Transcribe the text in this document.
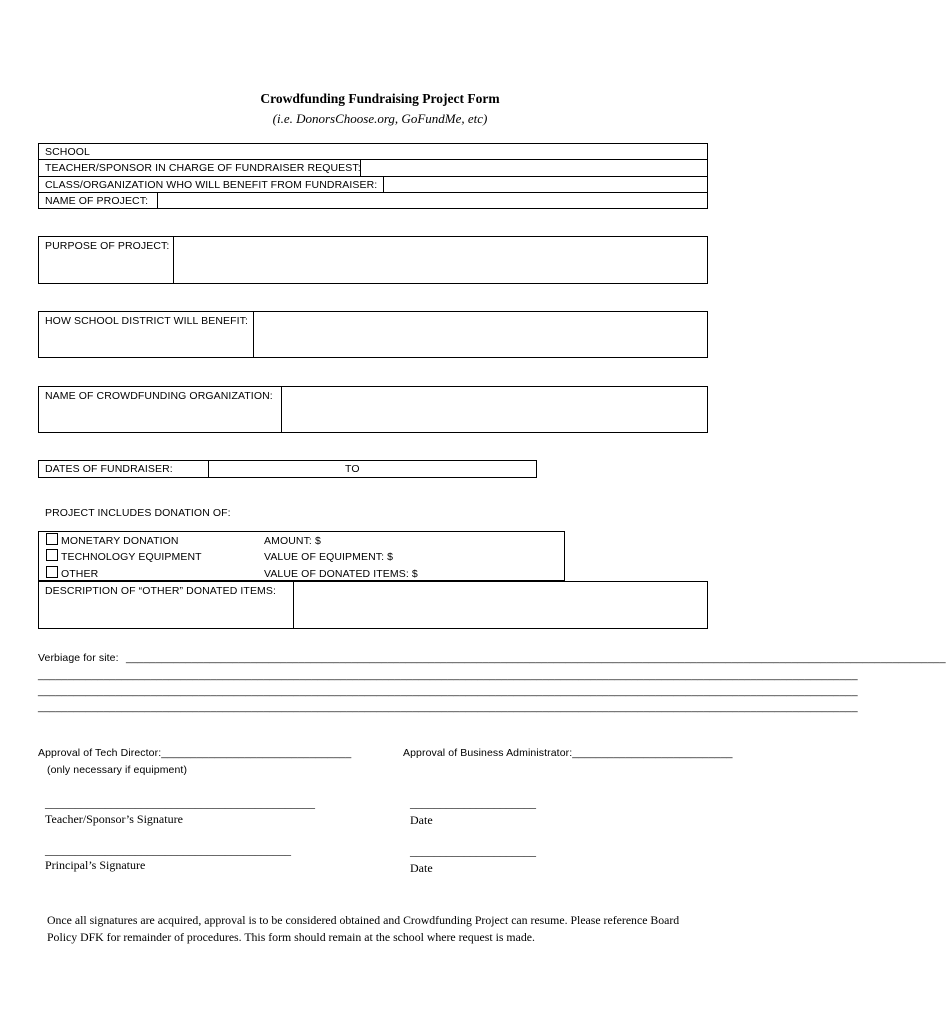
Crowdfunding Fundraising Project Form
(i.e. DonorsChoose.org, GoFundMe, etc)
SCHOOL
TEACHER/SPONSOR IN CHARGE OF FUNDRAISER REQUEST:
CLASS/ORGANIZATION WHO WILL BENEFIT FROM FUNDRAISER:
NAME OF PROJECT:
PURPOSE OF PROJECT:
HOW SCHOOL DISTRICT WILL BENEFIT:
NAME OF CROWDFUNDING ORGANIZATION:
DATES OF FUNDRAISER:	TO
PROJECT INCLUDES DONATION OF:
MONETARY DONATION
TECHNOLOGY EQUIPMENT
OTHER
AMOUNT: $
VALUE OF EQUIPMENT: $
VALUE OF DONATED ITEMS: $
DESCRIPTION OF “OTHER” DONATED ITEMS:
Verbiage for site: __________________________________________________________________________________________________________________________________________
__________________________________________________________________________________________________________________________________________
__________________________________________________________________________________________________________________________________________
__________________________________________________________________________________________________________________________________________
Approval of Tech Director:________________________________
(only necessary if equipment)
Approval of Business Administrator:___________________________
_____________________________________________
Teacher/Sponsor’s Signature
_____________________
Date
_________________________________________
Principal’s Signature
_____________________
Date
Once all signatures are acquired, approval is to be considered obtained and Crowdfunding Project can resume. Please reference Board
Policy DFK for remainder of procedures. This form should remain at the school where request is made.
